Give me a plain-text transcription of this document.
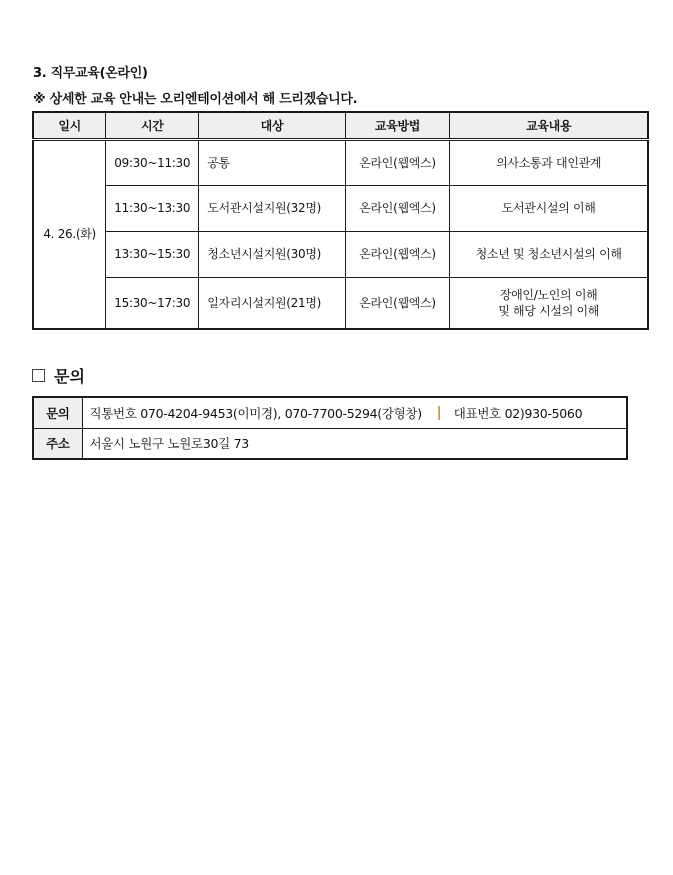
3. 직무교육(온라인)
※ 상세한 교육 안내는 오리엔테이션에서 해 드리겠습니다.
일시	시간	대상	교육방법	교육내용
4. 26.(화)	09:30~11:30	공통	온라인(웹엑스)	의사소통과 대인관계
	11:30~13:30	도서관시설지원(32명)	온라인(웹엑스)	도서관시설의 이해
	13:30~15:30	청소년시설지원(30명)	온라인(웹엑스)	청소년 및 청소년시설의 이해
	15:30~17:30	일자리시설지원(21명)	온라인(웹엑스)	장애인/노인의 이해
및 해당 시설의 이해
문의
문의	직통번호 070-4204-9453(이미경), 070-7700-5294(강형창) 대표번호 02)930-5060
주소	서울시 노원구 노원로30길 73
